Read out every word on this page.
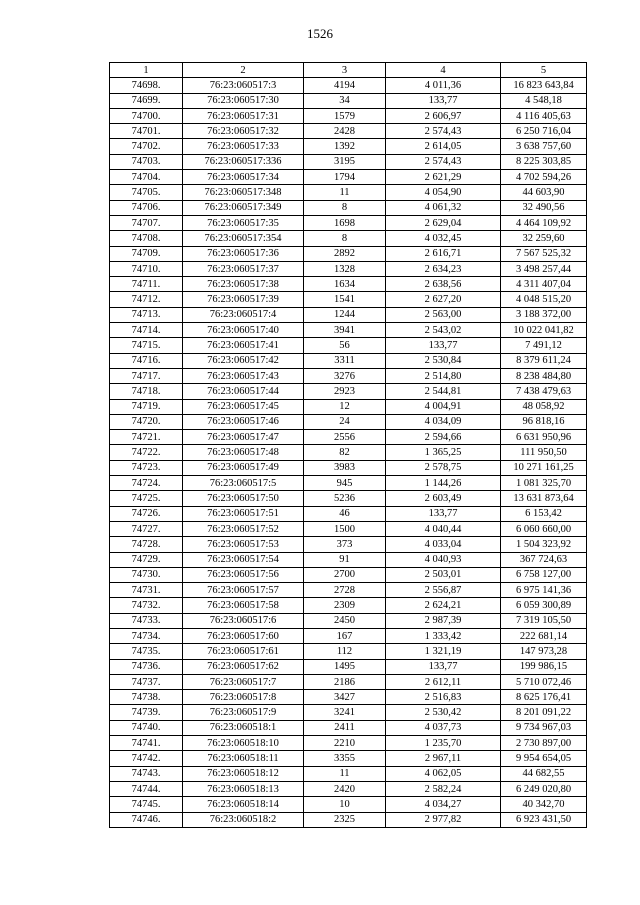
1526
1	2	3	4	5
74698.	76:23:060517:3	4194	4 011,36	16 823 643,84
74699.	76:23:060517:30	34	133,77	4 548,18
74700.	76:23:060517:31	1579	2 606,97	4 116 405,63
74701.	76:23:060517:32	2428	2 574,43	6 250 716,04
74702.	76:23:060517:33	1392	2 614,05	3 638 757,60
74703.	76:23:060517:336	3195	2 574,43	8 225 303,85
74704.	76:23:060517:34	1794	2 621,29	4 702 594,26
74705.	76:23:060517:348	11	4 054,90	44 603,90
74706.	76:23:060517:349	8	4 061,32	32 490,56
74707.	76:23:060517:35	1698	2 629,04	4 464 109,92
74708.	76:23:060517:354	8	4 032,45	32 259,60
74709.	76:23:060517:36	2892	2 616,71	7 567 525,32
74710.	76:23:060517:37	1328	2 634,23	3 498 257,44
74711.	76:23:060517:38	1634	2 638,56	4 311 407,04
74712.	76:23:060517:39	1541	2 627,20	4 048 515,20
74713.	76:23:060517:4	1244	2 563,00	3 188 372,00
74714.	76:23:060517:40	3941	2 543,02	10 022 041,82
74715.	76:23:060517:41	56	133,77	7 491,12
74716.	76:23:060517:42	3311	2 530,84	8 379 611,24
74717.	76:23:060517:43	3276	2 514,80	8 238 484,80
74718.	76:23:060517:44	2923	2 544,81	7 438 479,63
74719.	76:23:060517:45	12	4 004,91	48 058,92
74720.	76:23:060517:46	24	4 034,09	96 818,16
74721.	76:23:060517:47	2556	2 594,66	6 631 950,96
74722.	76:23:060517:48	82	1 365,25	111 950,50
74723.	76:23:060517:49	3983	2 578,75	10 271 161,25
74724.	76:23:060517:5	945	1 144,26	1 081 325,70
74725.	76:23:060517:50	5236	2 603,49	13 631 873,64
74726.	76:23:060517:51	46	133,77	6 153,42
74727.	76:23:060517:52	1500	4 040,44	6 060 660,00
74728.	76:23:060517:53	373	4 033,04	1 504 323,92
74729.	76:23:060517:54	91	4 040,93	367 724,63
74730.	76:23:060517:56	2700	2 503,01	6 758 127,00
74731.	76:23:060517:57	2728	2 556,87	6 975 141,36
74732.	76:23:060517:58	2309	2 624,21	6 059 300,89
74733.	76:23:060517:6	2450	2 987,39	7 319 105,50
74734.	76:23:060517:60	167	1 333,42	222 681,14
74735.	76:23:060517:61	112	1 321,19	147 973,28
74736.	76:23:060517:62	1495	133,77	199 986,15
74737.	76:23:060517:7	2186	2 612,11	5 710 072,46
74738.	76:23:060517:8	3427	2 516,83	8 625 176,41
74739.	76:23:060517:9	3241	2 530,42	8 201 091,22
74740.	76:23:060518:1	2411	4 037,73	9 734 967,03
74741.	76:23:060518:10	2210	1 235,70	2 730 897,00
74742.	76:23:060518:11	3355	2 967,11	9 954 654,05
74743.	76:23:060518:12	11	4 062,05	44 682,55
74744.	76:23:060518:13	2420	2 582,24	6 249 020,80
74745.	76:23:060518:14	10	4 034,27	40 342,70
74746.	76:23:060518:2	2325	2 977,82	6 923 431,50
